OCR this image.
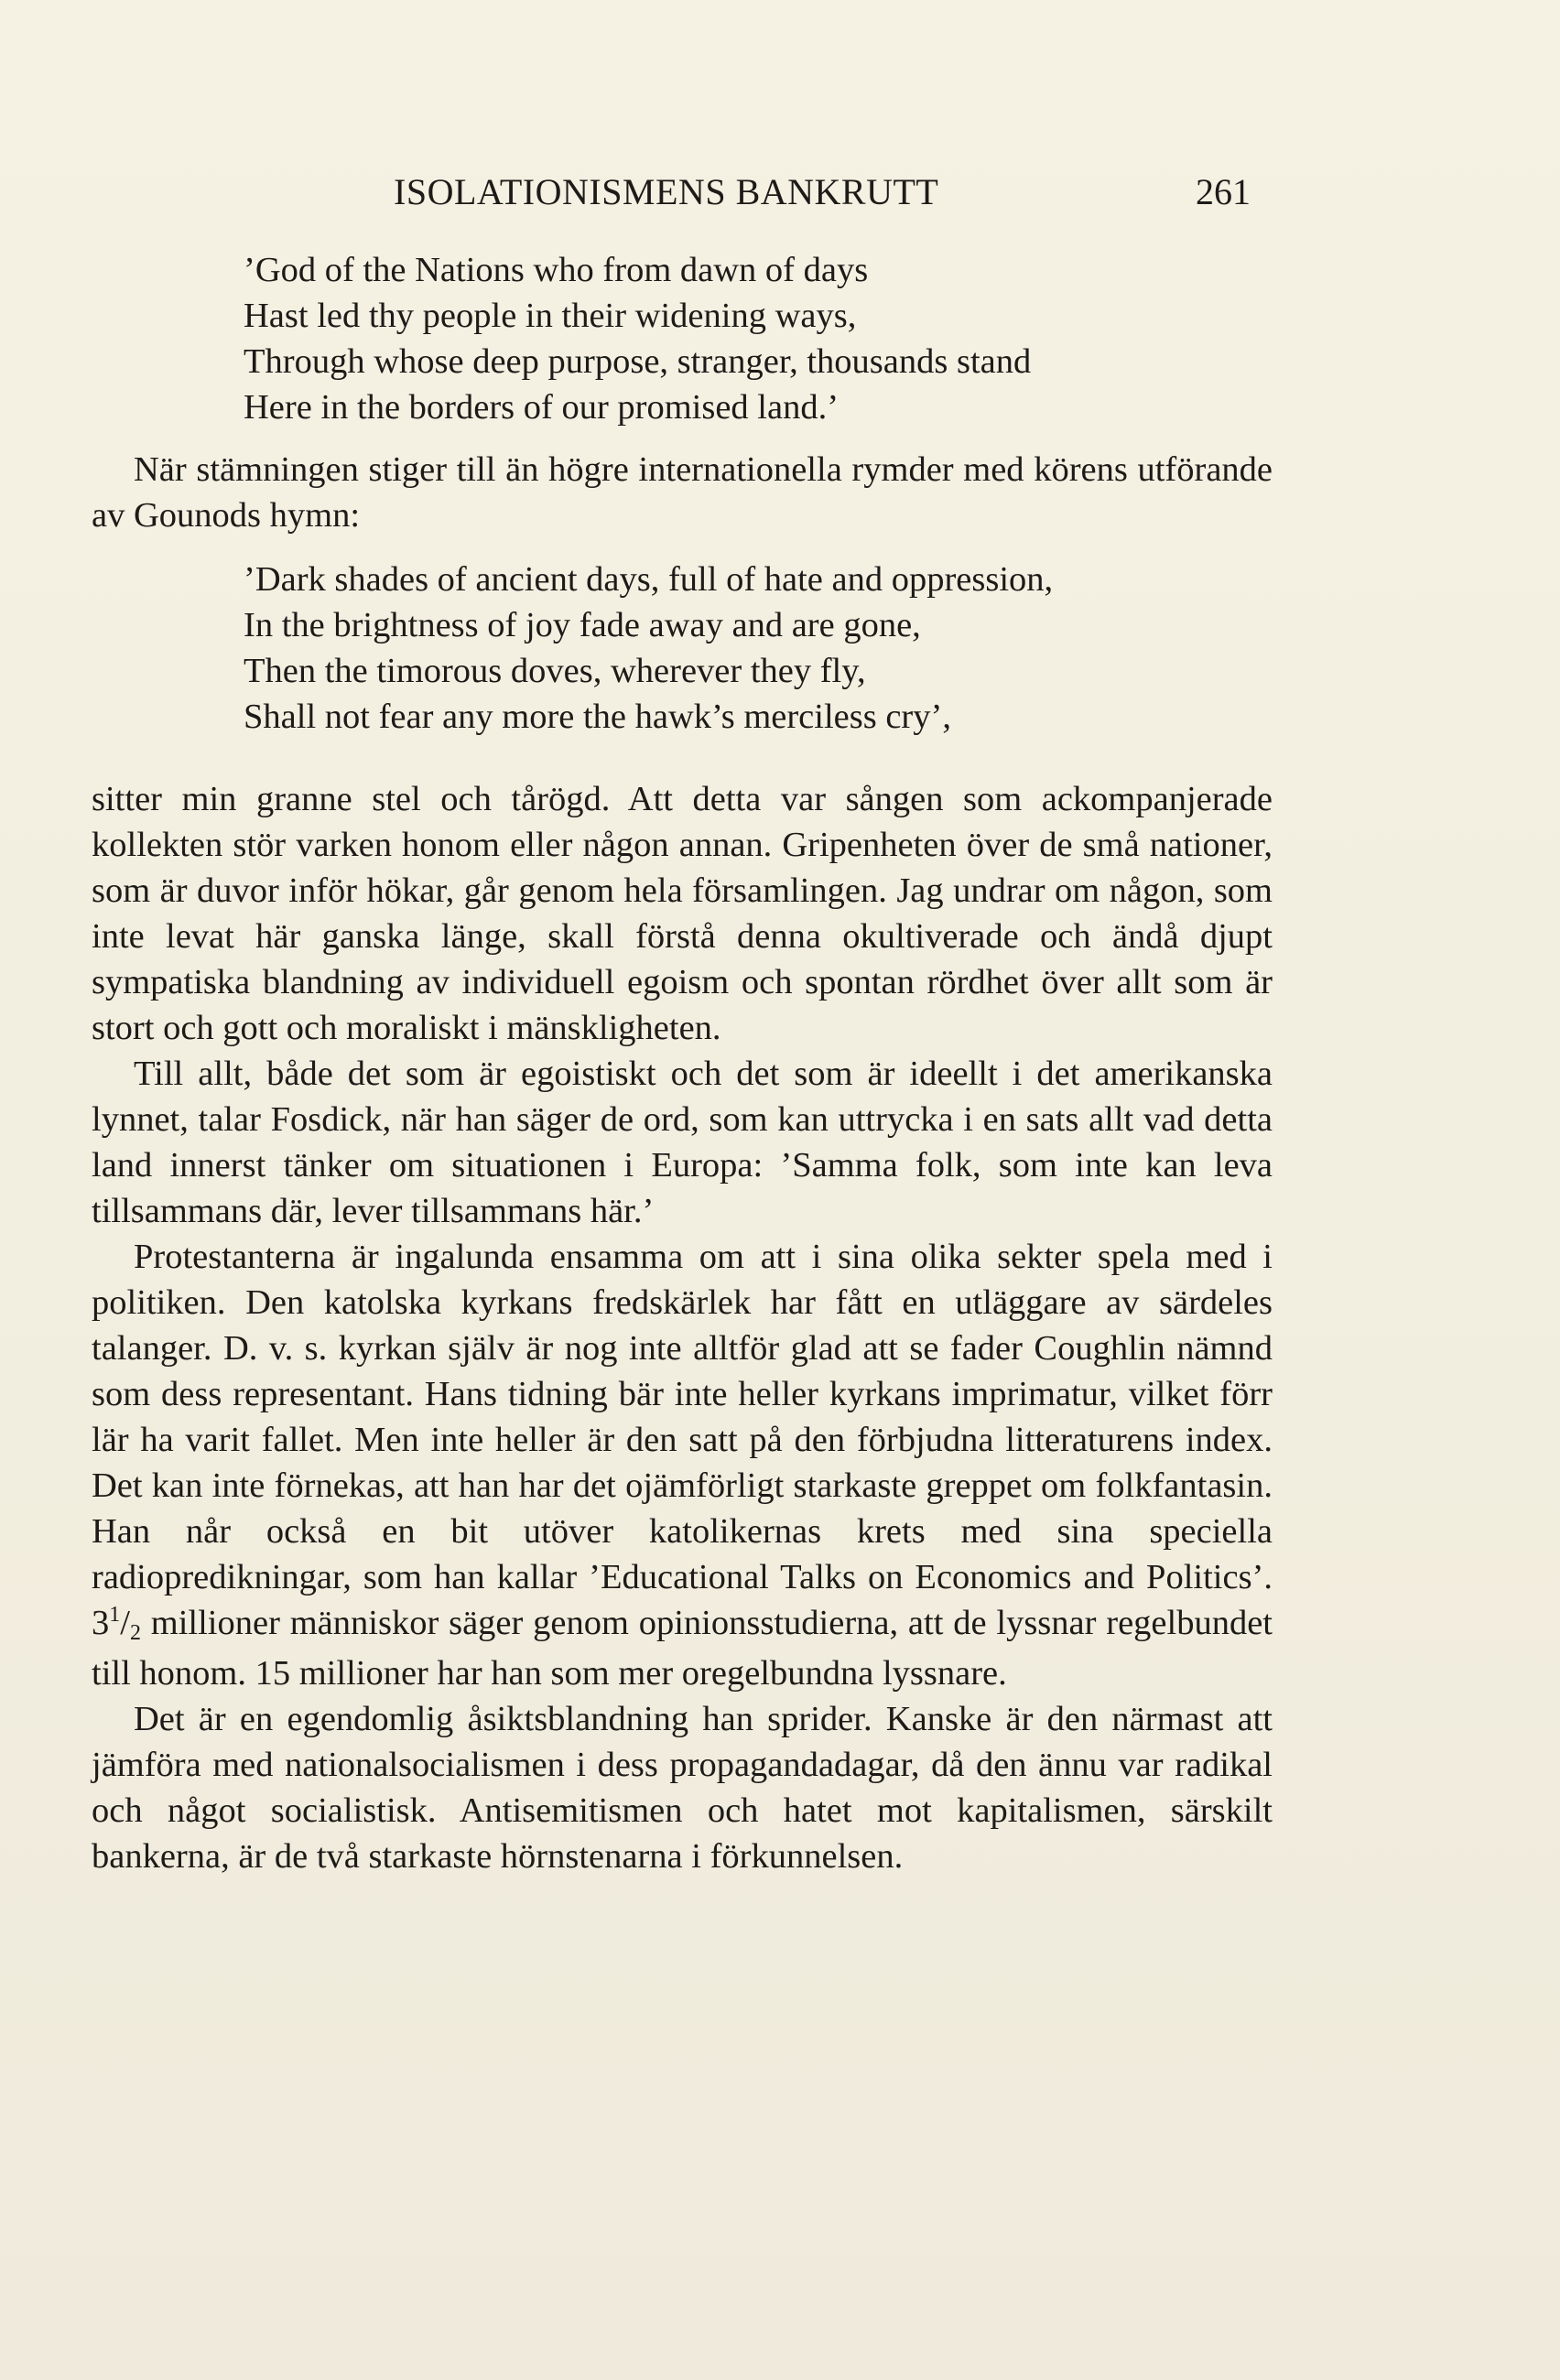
ISOLATIONISMENS BANKRUTT	261
’God of the Nations who from dawn of days
Hast led thy people in their widening ways,
Through whose deep purpose, stranger, thousands stand
Here in the borders of our promised land.’

När stämningen stiger till än högre internationella rymder med körens utförande av Gounods hymn:

’Dark shades of ancient days, full of hate and oppression,
In the brightness of joy fade away and are gone,
Then the timorous doves, wherever they fly,
Shall not fear any more the hawk’s merciless cry’,

sitter min granne stel och tårögd. Att detta var sången som ackompanjerade kollekten stör varken honom eller någon annan. Gripenheten över de små nationer, som är duvor inför hökar, går genom hela församlingen. Jag undrar om någon, som inte levat här ganska länge, skall förstå denna okultiverade och ändå djupt sympatiska blandning av individuell egoism och spontan rördhet över allt som är stort och gott och moraliskt i mänskligheten.

Till allt, både det som är egoistiskt och det som är ideellt i det amerikanska lynnet, talar Fosdick, när han säger de ord, som kan uttrycka i en sats allt vad detta land innerst tänker om situationen i Europa: ’Samma folk, som inte kan leva tillsammans där, lever tillsammans här.’

Protestanterna är ingalunda ensamma om att i sina olika sekter spela med i politiken. Den katolska kyrkans fredskärlek har fått en utläggare av särdeles talanger. D. v. s. kyrkan själv är nog inte alltför glad att se fader Coughlin nämnd som dess representant. Hans tidning bär inte heller kyrkans imprimatur, vilket förr lär ha varit fallet. Men inte heller är den satt på den förbjudna litteraturens index. Det kan inte förnekas, att han har det ojämförligt starkaste greppet om folkfantasin. Han når också en bit utöver katolikernas krets med sina speciella radiopredikningar, som han kallar ’Educational Talks on Economics and Politics’. $3^1/2$ millioner människor säger genom opinionsstudierna, att de lyssnar regelbundet till honom. 15 millioner har han som mer oregelbundna lyssnare.

Det är en egendomlig åsiktsblandning han sprider. Kanske är den närmast att jämföra med nationalsocialismen i dess propagandadagar, då den ännu var radikal och något socialistisk. Antisemitismen och hatet mot kapitalismen, särskilt bankerna, är de två starkaste hörnstenarna i förkunnelsen.
